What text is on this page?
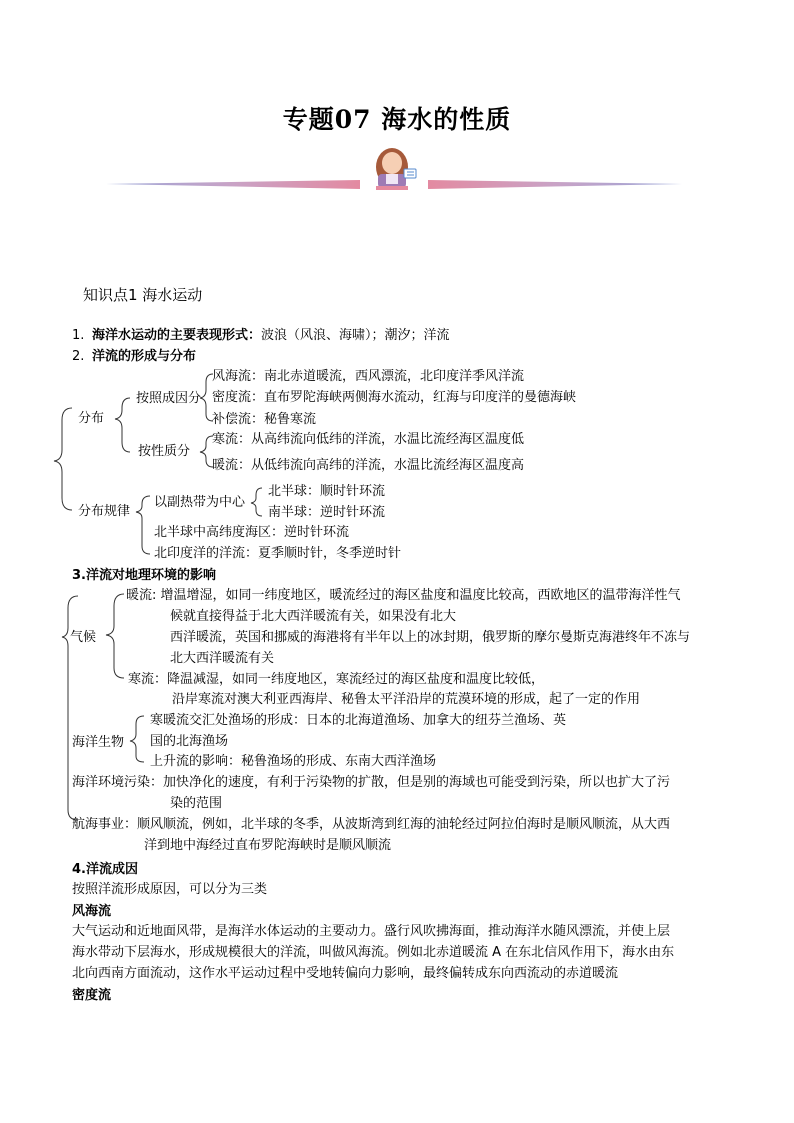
专题07 海水的性质
知识点1 海水运动
1. 海洋水运动的主要表现形式：波浪（风浪、海啸）；潮汐；洋流
2. 洋流的形成与分布
分布
按照成因分
风海流：南北赤道暖流，西风漂流，北印度洋季风洋流
密度流：直布罗陀海峡两侧海水流动，红海与印度洋的曼德海峡
补偿流：秘鲁寒流
按性质分
寒流：从高纬流向低纬的洋流，水温比流经海区温度低
暖流：从低纬流向高纬的洋流，水温比流经海区温度高
分布规律
以副热带为中心
北半球：顺时针环流
南半球：逆时针环流
北半球中高纬度海区：逆时针环流
北印度洋的洋流：夏季顺时针，冬季逆时针
3.洋流对地理环境的影响
气候
暖流: 增温增湿，如同一纬度地区，暖流经过的海区盐度和温度比较高，西欧地区的温带海洋性气
候就直接得益于北大西洋暖流有关，如果没有北大
西洋暖流，英国和挪威的海港将有半年以上的冰封期，俄罗斯的摩尔曼斯克海港终年不冻与
北大西洋暖流有关
寒流：降温减湿，如同一纬度地区，寒流经过的海区盐度和温度比较低，
沿岸寒流对澳大利亚西海岸、秘鲁太平洋沿岸的荒漠环境的形成，起了一定的作用
海洋生物
寒暖流交汇处渔场的形成：日本的北海道渔场、加拿大的纽芬兰渔场、英
国的北海渔场
上升流的影响：秘鲁渔场的形成、东南大西洋渔场
海洋环境污染：加快净化的速度，有利于污染物的扩散，但是别的海域也可能受到污染，所以也扩大了污
染的范围
航海事业：顺风顺流，例如，北半球的冬季，从波斯湾到红海的油轮经过阿拉伯海时是顺风顺流，从大西
洋到地中海经过直布罗陀海峡时是顺风顺流
4.洋流成因
按照洋流形成原因，可以分为三类
风海流
大气运动和近地面风带，是海洋水体运动的主要动力。盛行风吹拂海面，推动海洋水随风漂流，并使上层
海水带动下层海水，形成规模很大的洋流，叫做风海流。例如北赤道暖流 A 在东北信风作用下，海水由东
北向西南方面流动，这作水平运动过程中受地转偏向力影响，最终偏转成东向西流动的赤道暖流
密度流
